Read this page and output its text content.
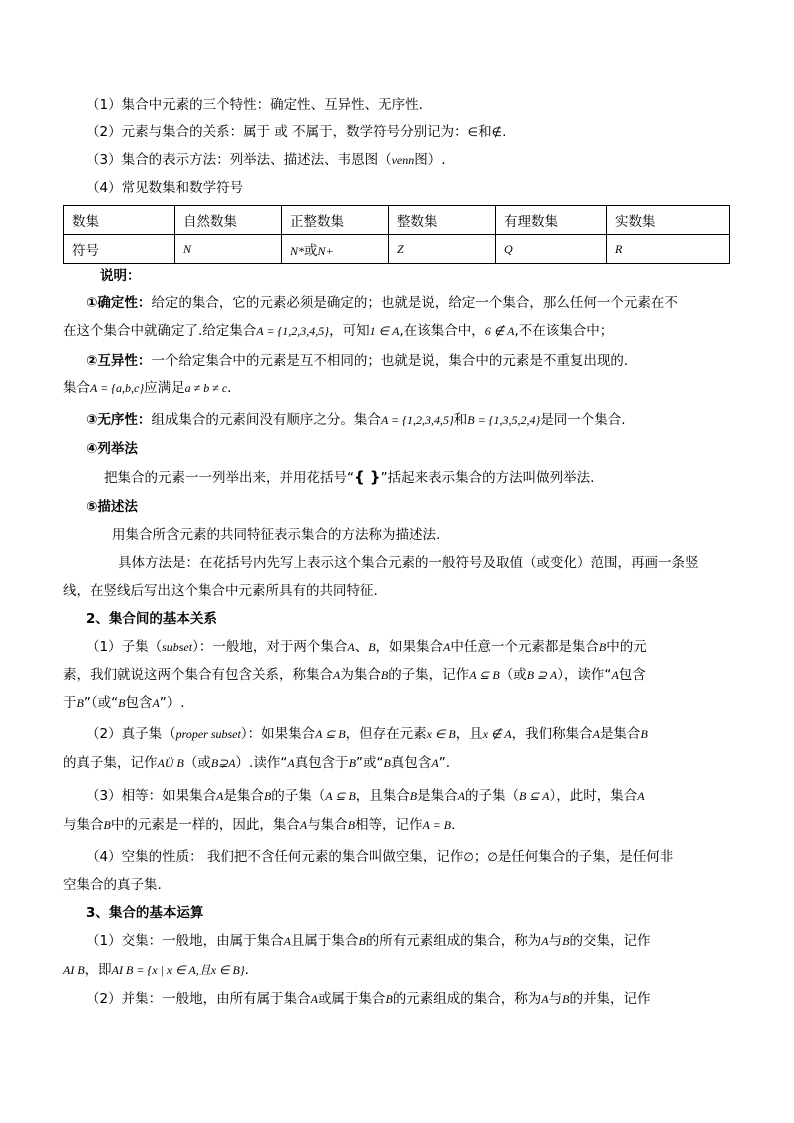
（1）集合中元素的三个特性：确定性、互异性、无序性.
（2）元素与集合的关系：属于 或 不属于，数学符号分别记为：∈和∉.
（3）集合的表示方法：列举法、描述法、韦恩图（venn图）.
（4）常见数集和数学符号
数集	自然数集	正整数集	整数集	有理数集	实数集
符号	N	N*或N+	Z	Q	R
说明：
①确定性：给定的集合，它的元素必须是确定的；也就是说，给定一个集合，那么任何一个元素在不
在这个集合中就确定了.给定集合A = {1,2,3,4,5}，可知1 ∈ A,在该集合中，6 ∉ A,不在该集合中；
②互异性：一个给定集合中的元素是互不相同的；也就是说，集合中的元素是不重复出现的.
集合A = {a,b,c}应满足a ≠ b ≠ c.
③无序性：组成集合的元素间没有顺序之分。集合A = {1,2,3,4,5}和B = {1,3,5,2,4}是同一个集合.
④列举法
把集合的元素一一列举出来，并用花括号“{ }”括起来表示集合的方法叫做列举法.
⑤描述法
用集合所含元素的共同特征表示集合的方法称为描述法.
具体方法是：在花括号内先写上表示这个集合元素的一般符号及取值（或变化）范围，再画一条竖
线，在竖线后写出这个集合中元素所具有的共同特征.
2、集合间的基本关系
（1）子集（subset）：一般地，对于两个集合A、B，如果集合A中任意一个元素都是集合B中的元
素，我们就说这两个集合有包含关系，称集合A为集合B的子集，记作A ⊆ B（或B ⊇ A），读作“A包含
于B”（或“B包含A”）.
（2）真子集（proper subset）：如果集合A ⊆ B，但存在元素x ∈ B，且x ∉ A，我们称集合A是集合B
的真子集，记作AÜ B（或B⊋A）.读作“A真包含于B”或“B真包含A”.
（3）相等：如果集合A是集合B的子集（A ⊆ B，且集合B是集合A的子集（B ⊆ A），此时，集合A
与集合B中的元素是一样的，因此，集合A与集合B相等，记作A = B.
（4）空集的性质： 我们把不含任何元素的集合叫做空集，记作∅；∅是任何集合的子集，是任何非
空集合的真子集.
3、集合的基本运算
（1）交集：一般地，由属于集合A且属于集合B的所有元素组成的集合，称为A与B的交集，记作
AI B，即AI B = {x | x ∈ A,且x ∈ B}.
（2）并集：一般地，由所有属于集合A或属于集合B的元素组成的集合，称为A与B的并集，记作
